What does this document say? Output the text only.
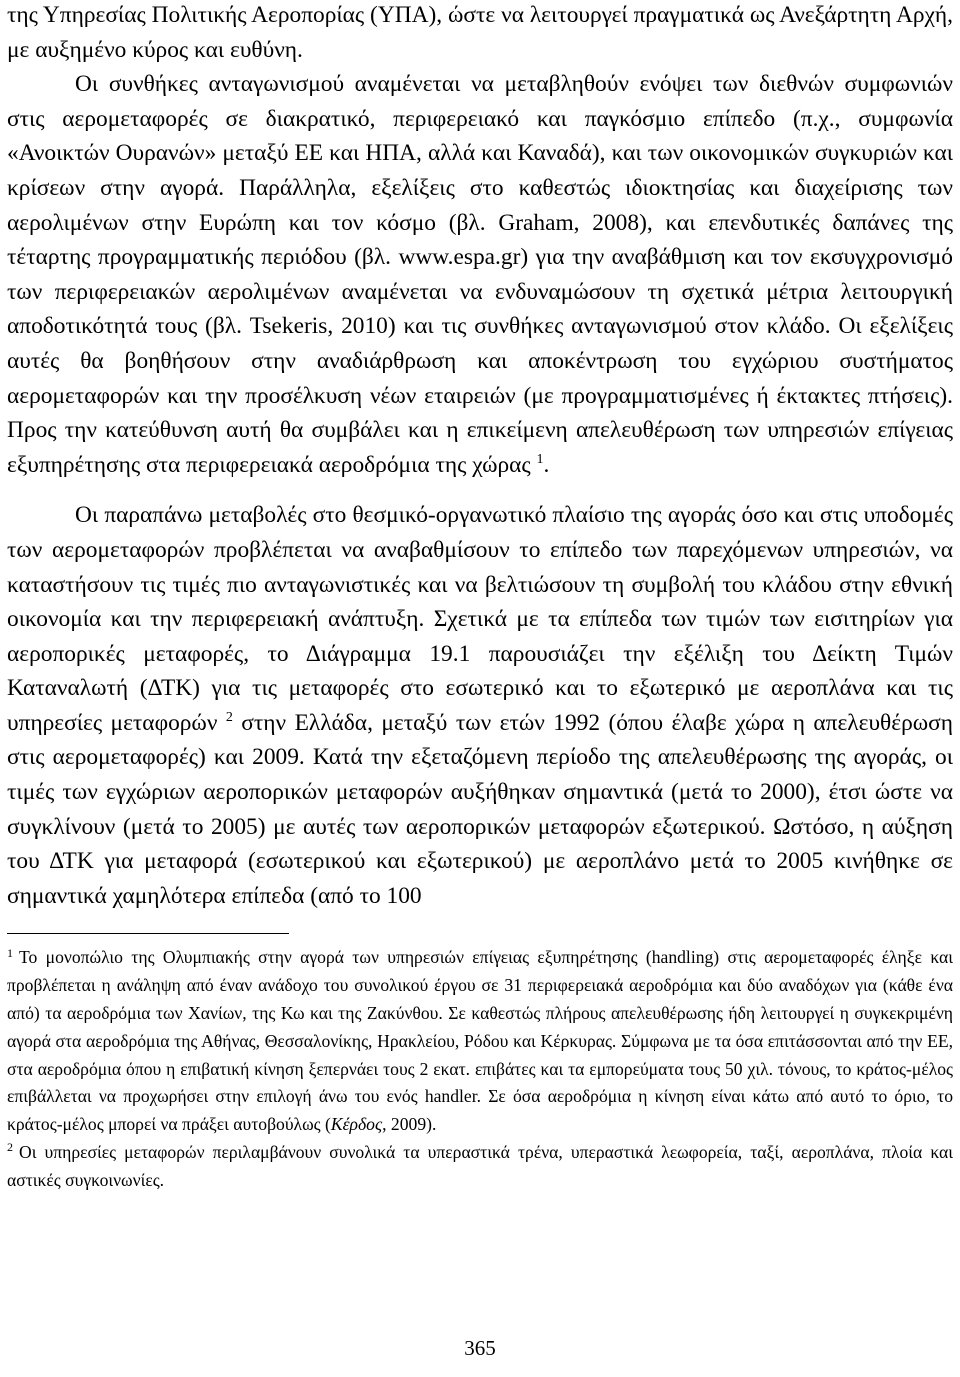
της Υπηρεσίας Πολιτικής Αεροπορίας (ΥΠΑ), ώστε να λειτουργεί πραγματικά ως Ανεξάρτητη Αρχή, με αυξημένο κύρος και ευθύνη.

Οι συνθήκες ανταγωνισμού αναμένεται να μεταβληθούν ενόψει των διεθνών συμφωνιών στις αερομεταφορές σε διακρατικό, περιφερειακό και παγκόσμιο επίπεδο (π.χ., συμφωνία «Ανοικτών Ουρανών» μεταξύ ΕΕ και ΗΠΑ, αλλά και Καναδά), και των οικονομικών συγκυριών και κρίσεων στην αγορά. Παράλληλα, εξελίξεις στο καθεστώς ιδιοκτησίας και διαχείρισης των αερολιμένων στην Ευρώπη και τον κόσμο (βλ. Graham, 2008), και επενδυτικές δαπάνες της τέταρτης προγραμματικής περιόδου (βλ. www.espa.gr) για την αναβάθμιση και τον εκσυγχρονισμό των περιφερειακών αερολιμένων αναμένεται να ενδυναμώσουν τη σχετικά μέτρια λειτουργική αποδοτικότητά τους (βλ. Tsekeris, 2010) και τις συνθήκες ανταγωνισμού στον κλάδο. Οι εξελίξεις αυτές θα βοηθήσουν στην αναδιάρθρωση και αποκέντρωση του εγχώριου συστήματος αερομεταφορών και την προσέλκυση νέων εταιρειών (με προγραμματισμένες ή έκτακτες πτήσεις). Προς την κατεύθυνση αυτή θα συμβάλει και η επικείμενη απελευθέρωση των υπηρεσιών επίγειας εξυπηρέτησης στα περιφερειακά αεροδρόμια της χώρας $^1$.

Οι παραπάνω μεταβολές στο θεσμικό-οργανωτικό πλαίσιο της αγοράς όσο και στις υποδομές των αερομεταφορών προβλέπεται να αναβαθμίσουν το επίπεδο των παρεχόμενων υπηρεσιών, να καταστήσουν τις τιμές πιο ανταγωνιστικές και να βελτιώσουν τη συμβολή του κλάδου στην εθνική οικονομία και την περιφερειακή ανάπτυξη. Σχετικά με τα επίπεδα των τιμών των εισιτηρίων για αεροπορικές μεταφορές, το Διάγραμμα 19.1 παρουσιάζει την εξέλιξη του Δείκτη Τιμών Καταναλωτή (ΔΤΚ) για τις μεταφορές στο εσωτερικό και το εξωτερικό με αεροπλάνα και τις υπηρεσίες μεταφορών $^2$ στην Ελλάδα, μεταξύ των ετών 1992 (όπου έλαβε χώρα η απελευθέρωση στις αερομεταφορές) και 2009. Κατά την εξεταζόμενη περίοδο της απελευθέρωσης της αγοράς, οι τιμές των εγχώριων αεροπορικών μεταφορών αυξήθηκαν σημαντικά (μετά το 2000), έτσι ώστε να συγκλίνουν (μετά το 2005) με αυτές των αεροπορικών μεταφορών εξωτερικού. Ωστόσο, η αύξηση του ΔΤΚ για μεταφορά (εσωτερικού και εξωτερικού) με αεροπλάνο μετά το 2005 κινήθηκε σε σημαντικά χαμηλότερα επίπεδα (από το 100

$^1$ Το μονοπώλιο της Ολυμπιακής στην αγορά των υπηρεσιών επίγειας εξυπηρέτησης (handling) στις αερομεταφορές έληξε και προβλέπεται η ανάληψη από έναν ανάδοχο του συνολικού έργου σε 31 περιφερειακά αεροδρόμια και δύο αναδόχων για (κάθε ένα από) τα αεροδρόμια των Χανίων, της Κω και της Ζακύνθου. Σε καθεστώς πλήρους απελευθέρωσης ήδη λειτουργεί η συγκεκριμένη αγορά στα αεροδρόμια της Αθήνας, Θεσσαλονίκης, Ηρακλείου, Ρόδου και Κέρκυρας. Σύμφωνα με τα όσα επιτάσσονται από την ΕΕ, στα αεροδρόμια όπου η επιβατική κίνηση ξεπερνάει τους 2 εκατ. επιβάτες και τα εμπορεύματα τους 50 χιλ. τόνους, το κράτος-μέλος επιβάλλεται να προχωρήσει στην επιλογή άνω του ενός handler. Σε όσα αεροδρόμια η κίνηση είναι κάτω από αυτό το όριο, το κράτος-μέλος μπορεί να πράξει αυτοβούλως (Κέρδος, 2009).

$^2$ Οι υπηρεσίες μεταφορών περιλαμβάνουν συνολικά τα υπεραστικά τρένα, υπεραστικά λεωφορεία, ταξί, αεροπλάνα, πλοία και αστικές συγκοινωνίες.

365
